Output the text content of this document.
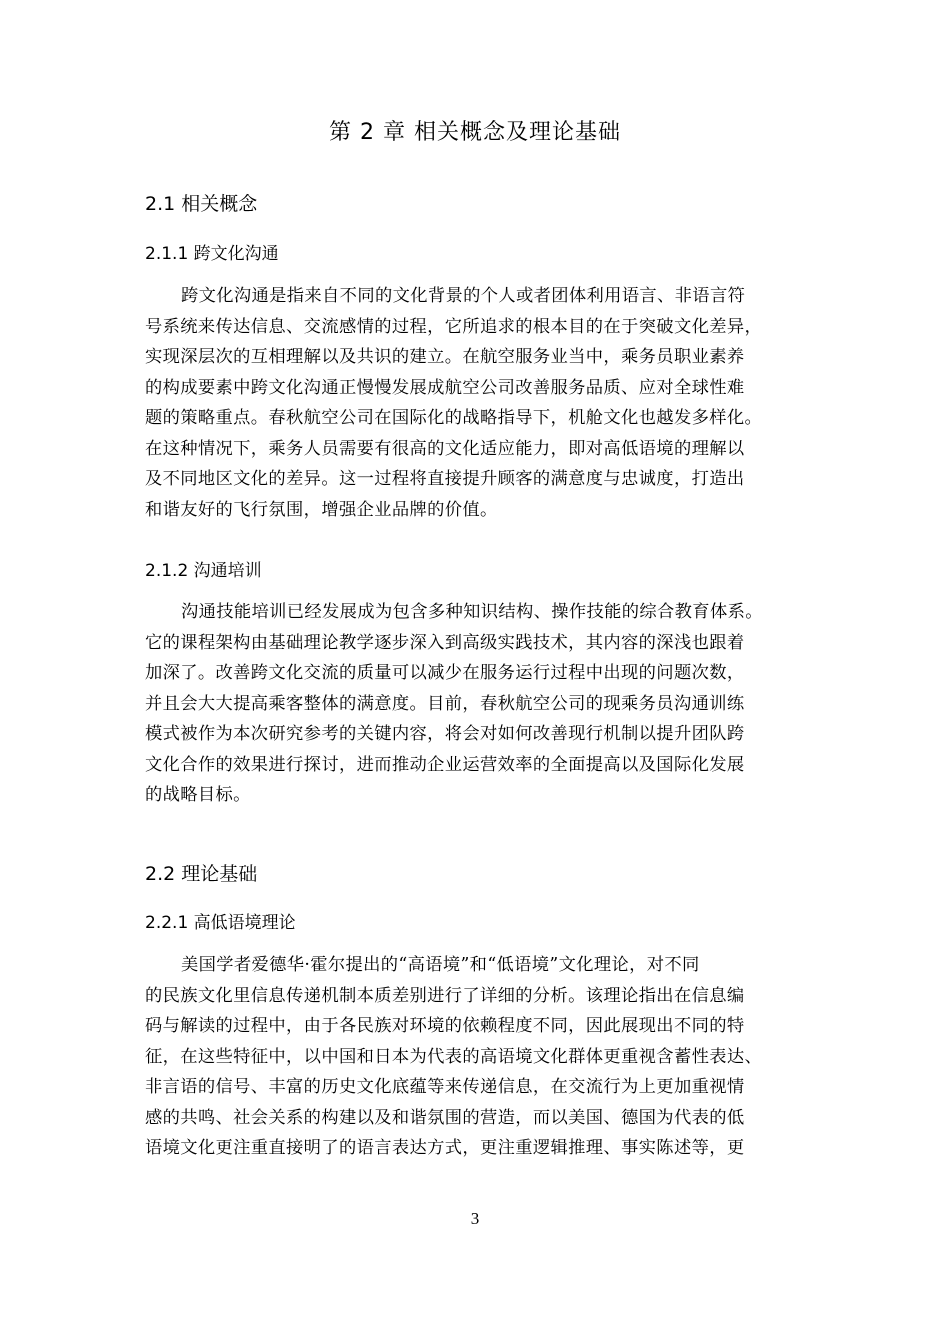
第 2 章 相关概念及理论基础
2.1 相关概念
2.1.1 跨文化沟通
跨文化沟通是指来自不同的文化背景的个人或者团体利用语言、非语言符
号系统来传达信息、交流感情的过程，它所追求的根本目的在于突破文化差异，
实现深层次的互相理解以及共识的建立。在航空服务业当中，乘务员职业素养
的构成要素中跨文化沟通正慢慢发展成航空公司改善服务品质、应对全球性难
题的策略重点。春秋航空公司在国际化的战略指导下，机舱文化也越发多样化。
在这种情况下，乘务人员需要有很高的文化适应能力，即对高低语境的理解以
及不同地区文化的差异。这一过程将直接提升顾客的满意度与忠诚度，打造出
和谐友好的飞行氛围，增强企业品牌的价值。
2.1.2 沟通培训
沟通技能培训已经发展成为包含多种知识结构、操作技能的综合教育体系。
它的课程架构由基础理论教学逐步深入到高级实践技术，其内容的深浅也跟着
加深了。改善跨文化交流的质量可以减少在服务运行过程中出现的问题次数，
并且会大大提高乘客整体的满意度。目前，春秋航空公司的现乘务员沟通训练
模式被作为本次研究参考的关键内容，将会对如何改善现行机制以提升团队跨
文化合作的效果进行探讨，进而推动企业运营效率的全面提高以及国际化发展
的战略目标。
2.2 理论基础
2.2.1 高低语境理论
美国学者爱德华·霍尔提出的“高语境”和“低语境”文化理论，对不同
的民族文化里信息传递机制本质差别进行了详细的分析。该理论指出在信息编
码与解读的过程中，由于各民族对环境的依赖程度不同，因此展现出不同的特
征，在这些特征中，以中国和日本为代表的高语境文化群体更重视含蓄性表达、
非言语的信号、丰富的历史文化底蕴等来传递信息，在交流行为上更加重视情
感的共鸣、社会关系的构建以及和谐氛围的营造，而以美国、德国为代表的低
语境文化更注重直接明了的语言表达方式，更注重逻辑推理、事实陈述等，更
3
